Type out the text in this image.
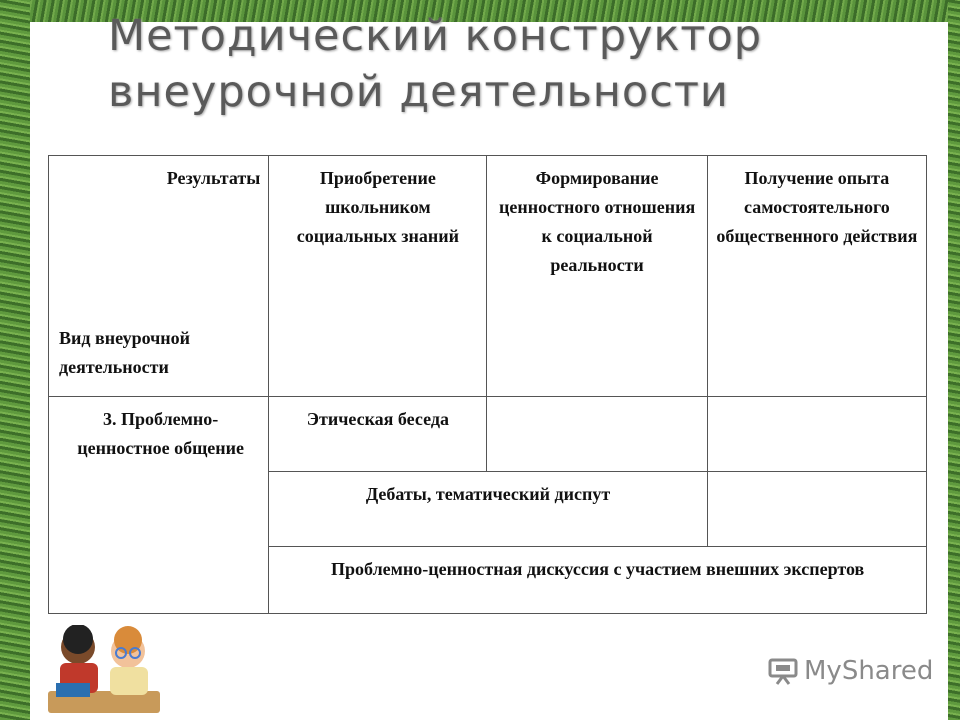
Методический конструктор
внеурочной деятельности
Результаты
Вид внеурочной деятельности	Приобретение школьником социальных знаний	Формирование ценностного отношения к социальной реальности	Получение опыта самостоятельного общественного действия
3. Проблемно-ценностное общение	Этическая беседа		
	Дебаты, тематический диспут		
	Проблемно-ценностная дискуссия с участием внешних экспертов		
MyShared
